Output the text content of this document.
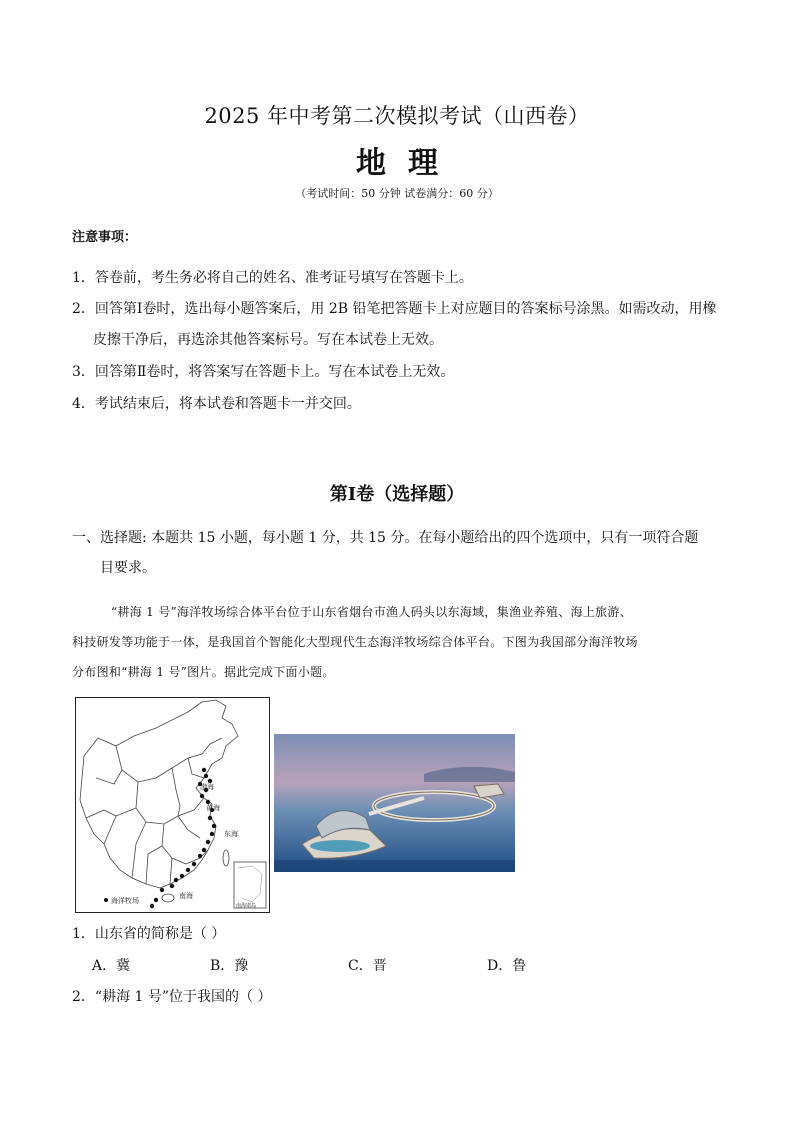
2025 年中考第二次模拟考试（山西卷）
地理
（考试时间：50 分钟 试卷满分：60 分）
注意事项：
1．答卷前，考生务必将自己的姓名、准考证号填写在答题卡上。
2．回答第Ⅰ卷时，选出每小题答案后，用 2B 铅笔把答题卡上对应题目的答案标号涂黑。如需改动，用橡
皮擦干净后，再选涂其他答案标号。写在本试卷上无效。
3．回答第Ⅱ卷时，将答案写在答题卡上。写在本试卷上无效。
4．考试结束后，将本试卷和答题卡一并交回。
第Ⅰ卷（选择题）
一、选择题: 本题共 15 小题，每小题 1 分，共 15 分。在每小题给出的四个选项中，只有一项符合题
目要求。
“耕海 1 号”海洋牧场综合体平台位于山东省烟台市渔人码头以东海域，集渔业养殖、海上旅游、
科技研发等功能于一体，是我国首个智能化大型现代生态海洋牧场综合体平台。下图为我国部分海洋牧场
分布图和“耕海 1 号”图片。据此完成下面小题。
渤海
黄海
东海
南海
海洋牧场
南海诸岛
1．山东省的简称是（ ）
A．冀	B．豫	C．晋	D．鲁
2．“耕海 1 号”位于我国的（ ）
